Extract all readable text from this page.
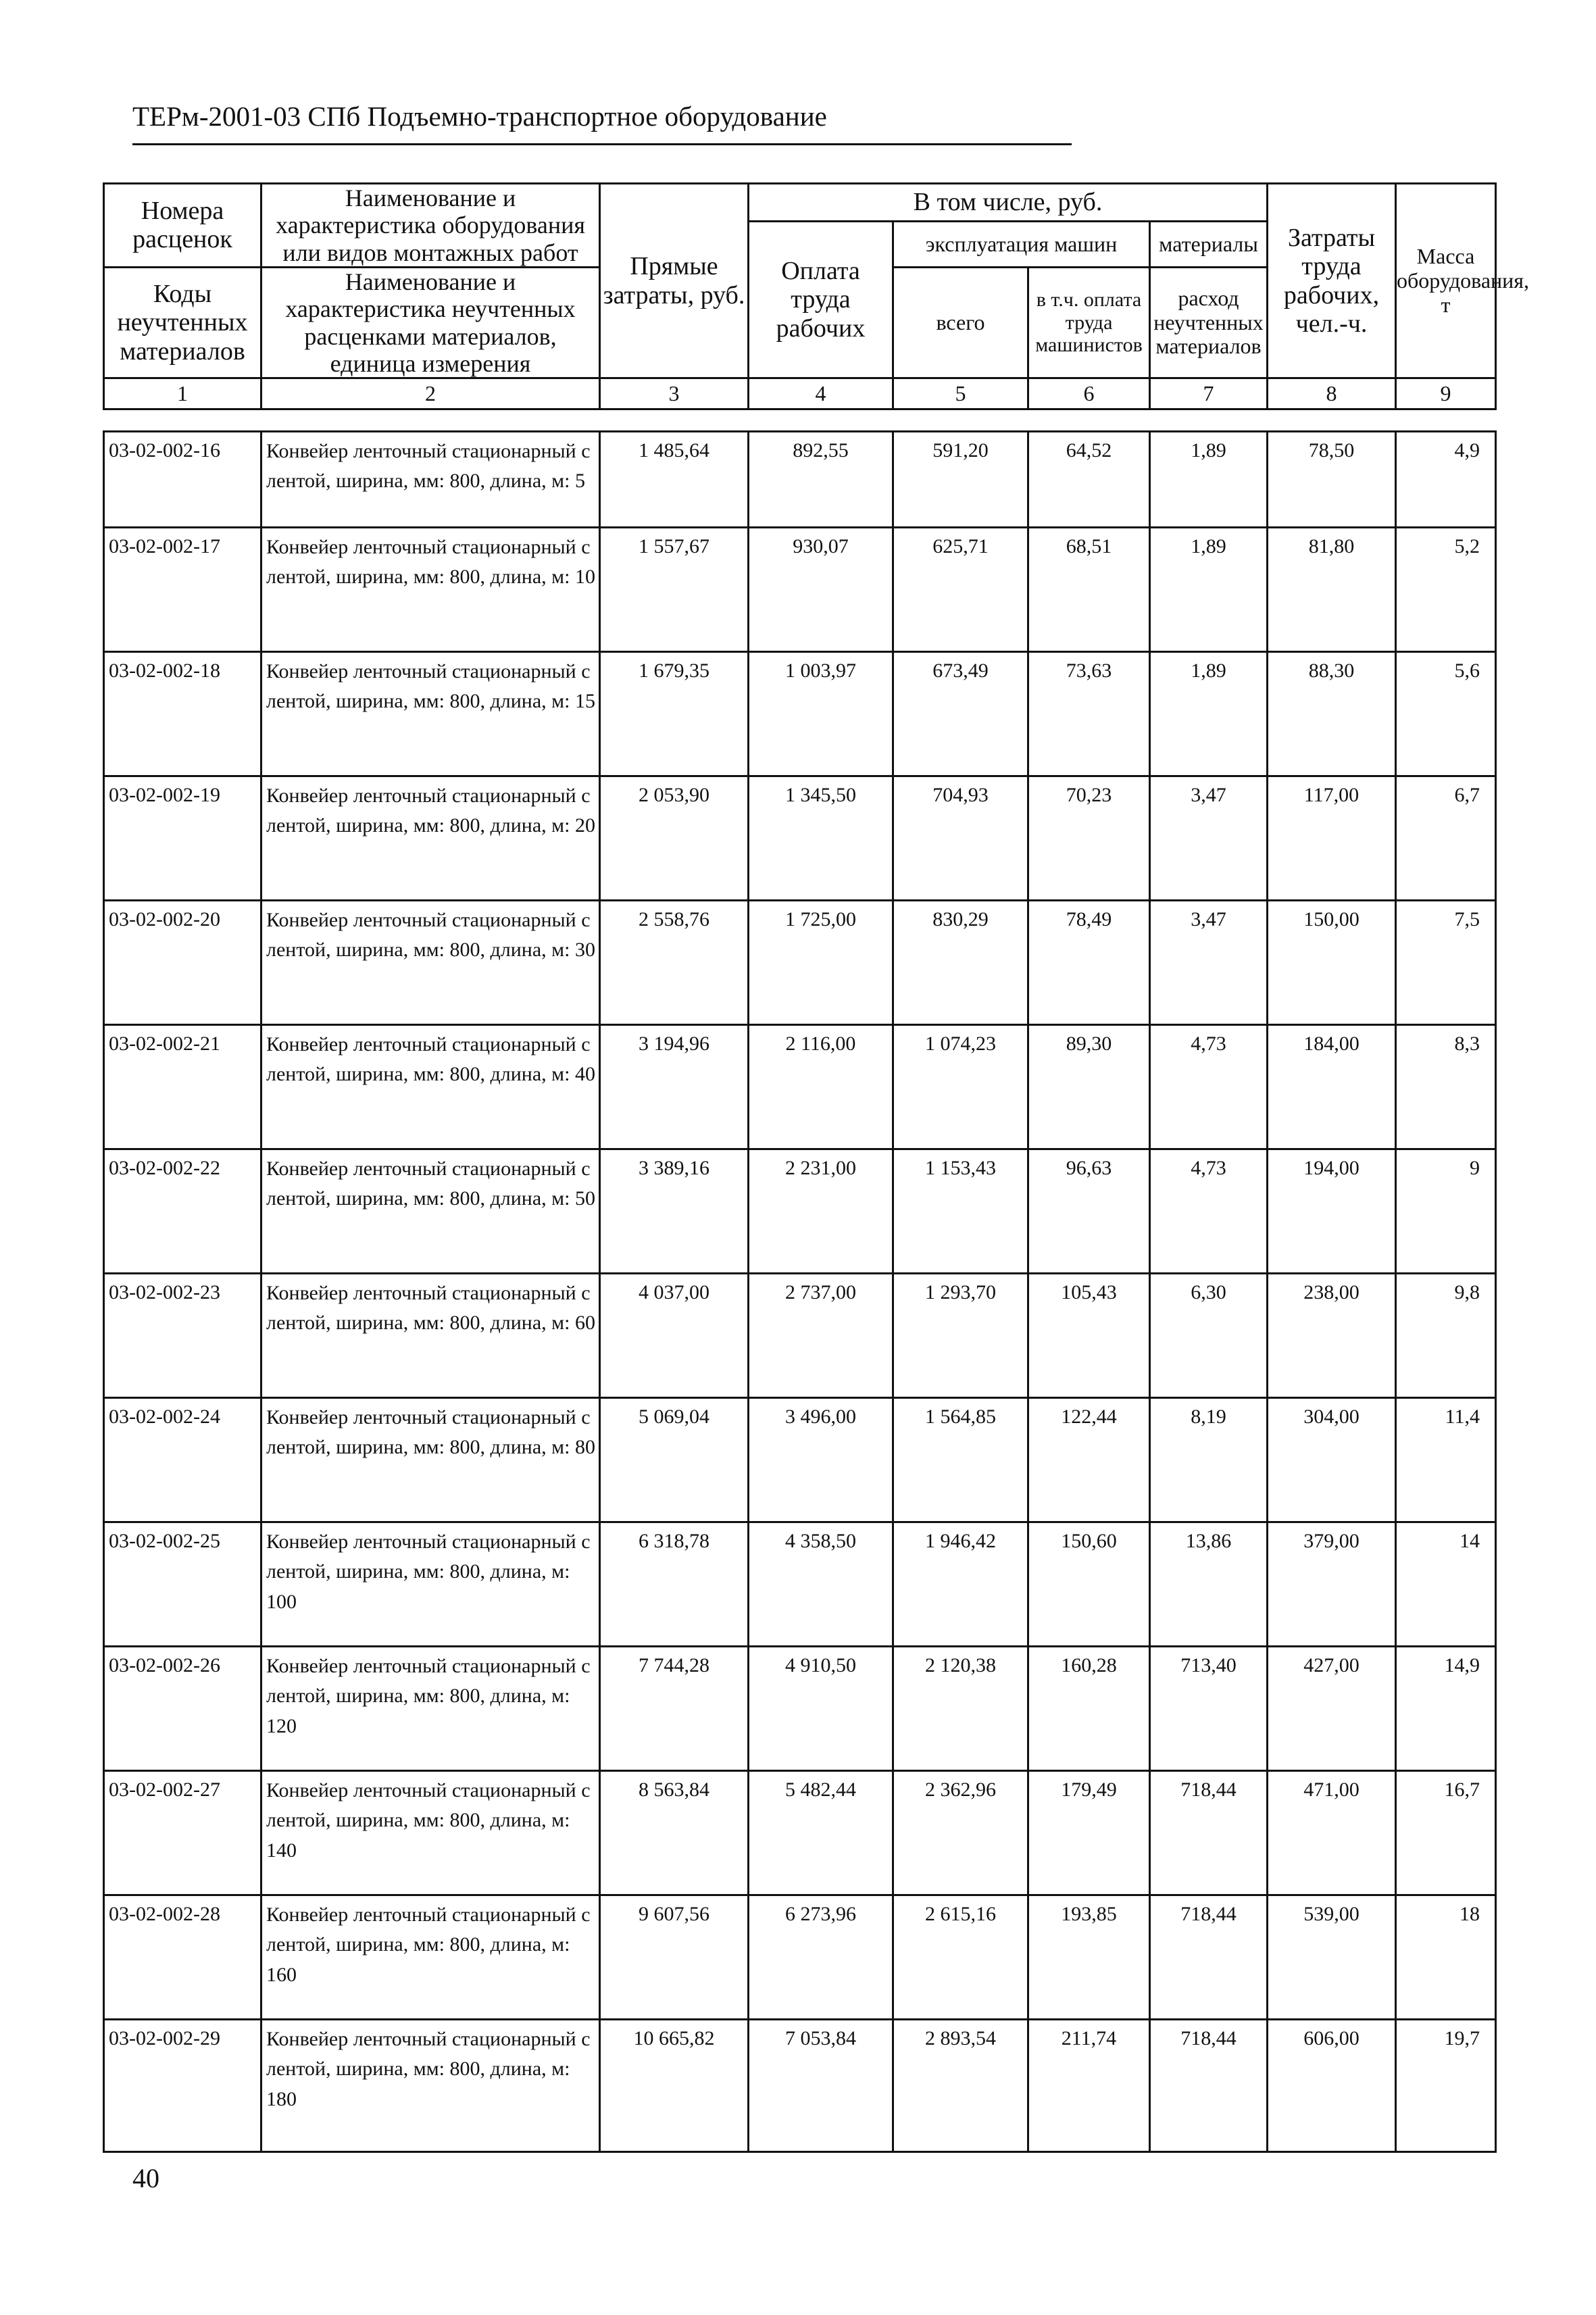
ТЕРм-2001-03 СПб Подъемно-транспортное оборудование
Номера расценок	Наименование и характеристика оборудования или видов монтажных работ	Прямые затраты, руб.	В том числе, руб.				Затраты труда рабочих, чел.-ч.	Масса оборудования, т
			Оплата труда рабочих	эксплуатация машин		материалы		
Коды неучтенных материалов	Наименование и характеристика неучтенных расценками материалов, единица измерения			всего	в т.ч. оплата труда машинистов	расход неучтенных материалов		

1	2	3	4	5	6	7	8	9
03-02-002-16	Конвейер ленточный стационарный с лентой, ширина, мм: 800, длина, м: 5	1 485,64	892,55	591,20	64,52	1,89	78,50	4,9
03-02-002-17	Конвейер ленточный стационарный с лентой, ширина, мм: 800, длина, м: 10	1 557,67	930,07	625,71	68,51	1,89	81,80	5,2
03-02-002-18	Конвейер ленточный стационарный с лентой, ширина, мм: 800, длина, м: 15	1 679,35	1 003,97	673,49	73,63	1,89	88,30	5,6
03-02-002-19	Конвейер ленточный стационарный с лентой, ширина, мм: 800, длина, м: 20	2 053,90	1 345,50	704,93	70,23	3,47	117,00	6,7
03-02-002-20	Конвейер ленточный стационарный с лентой, ширина, мм: 800, длина, м: 30	2 558,76	1 725,00	830,29	78,49	3,47	150,00	7,5
03-02-002-21	Конвейер ленточный стационарный с лентой, ширина, мм: 800, длина, м: 40	3 194,96	2 116,00	1 074,23	89,30	4,73	184,00	8,3
03-02-002-22	Конвейер ленточный стационарный с лентой, ширина, мм: 800, длина, м: 50	3 389,16	2 231,00	1 153,43	96,63	4,73	194,00	9
03-02-002-23	Конвейер ленточный стационарный с лентой, ширина, мм: 800, длина, м: 60	4 037,00	2 737,00	1 293,70	105,43	6,30	238,00	9,8
03-02-002-24	Конвейер ленточный стационарный с лентой, ширина, мм: 800, длина, м: 80	5 069,04	3 496,00	1 564,85	122,44	8,19	304,00	11,4
03-02-002-25	Конвейер ленточный стационарный с лентой, ширина, мм: 800, длина, м: 100	6 318,78	4 358,50	1 946,42	150,60	13,86	379,00	14
03-02-002-26	Конвейер ленточный стационарный с лентой, ширина, мм: 800, длина, м: 120	7 744,28	4 910,50	2 120,38	160,28	713,40	427,00	14,9
03-02-002-27	Конвейер ленточный стационарный с лентой, ширина, мм: 800, длина, м: 140	8 563,84	5 482,44	2 362,96	179,49	718,44	471,00	16,7
03-02-002-28	Конвейер ленточный стационарный с лентой, ширина, мм: 800, длина, м: 160	9 607,56	6 273,96	2 615,16	193,85	718,44	539,00	18
03-02-002-29	Конвейер ленточный стационарный с лентой, ширина, мм: 800, длина, м: 180	10 665,82	7 053,84	2 893,54	211,74	718,44	606,00	19,7
40
